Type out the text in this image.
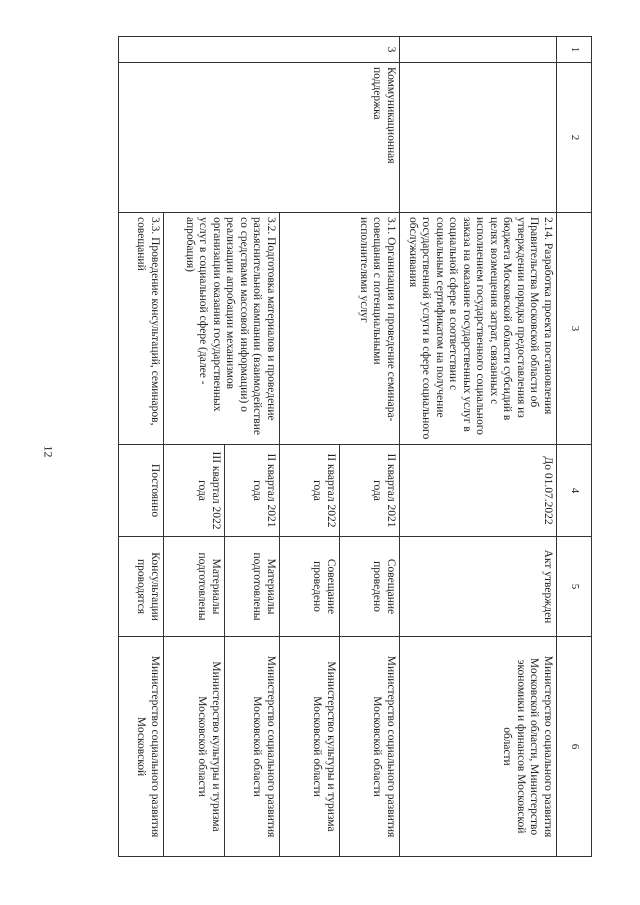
12
1	2	3	4	5	6
		2.14. Разработка проекта постановления Правительства Московской области об утверждении порядка предоставления из бюджета Московской области субсидий в целях возмещения затрат, связанных с исполнением государственного социального заказа на оказание государственных услуг в социальной сфере в соответствии с социальным сертификатом на получение государственной услуги в сфере социального обслуживания	До 01.07.2022	Акт утвержден	Министерство социального развития Московской области, Министерство экономики и финансов Московской области
3	Коммуникационная поддержка	3.1. Организация и проведение семинара-совещания с потенциальными исполнителями услуг	II квартал 2021 года	Совещание проведено	Министерство социального развития Московской области
			II квартал 2022 года	Совещание проведено	Министерство культуры и туризма Московской области
		3.2. Подготовка материалов и проведение разъяснительной кампании (взаимодействие со средствами массовой информации) о реализации апробации механизмов организации оказания государственных услуг в социальной сфере (далее - апробация)	II квартал 2021 года	Материалы подготовлены	Министерство социального развития Московской области
			III квартал 2022 года	Материалы подготовлены	Министерство культуры и туризма Московской области
		3.3. Проведение консультаций, семинаров, совещаний	Постоянно	Консультации проводятся	Министерство социального развития Московской
